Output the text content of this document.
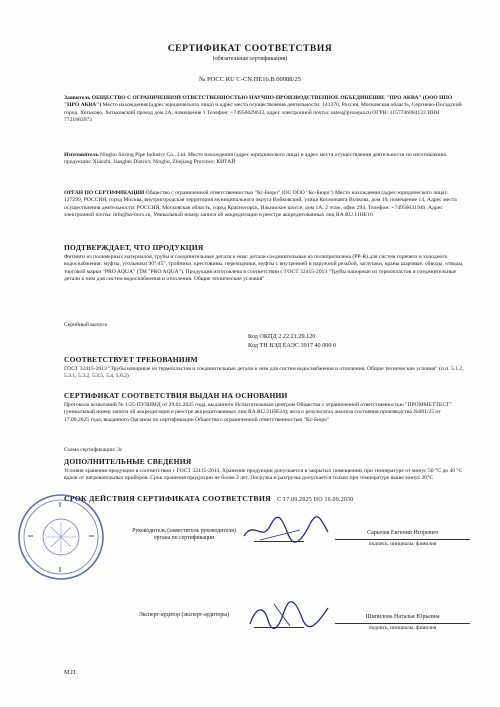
СЕРТИФИКАТ СООТВЕТСТВИЯ
(обязательная сертификация)
№ РОСС RU С-CN.НЕ16.В.00088/25
Заявитель ОБЩЕСТВО С ОГРАНИЧЕННОЙ ОТВЕТСТВЕННОСТЬЮ НАУЧНО-ПРОИЗВОДСТВЕННОЕ ОБЪЕДИНЕНИЕ "ПРО АКВА" (ООО НПО "ПРО АКВА") Место нахождения (адрес юридического лица) и адрес места осуществления деятельности: 141370, Россия, Московская область, Сергиево-Посадский город. Хотьково, Хотьковский проезд дом 2А, помещение 1 Телефон: +74956029633, адрес электронной почты: sales@proaqua.ru ОГРН: 1157746084133 ИНН 7721883973
Изготовитель Ningbo Sicong Pipe Industry Co., Ltd. Место нахождения (адрес юридического лица) и адрес места осуществления деятельности по изготовлению продукции: Xiaozhi, Jiangbei District, Ningbo, Zhejiang Province, КИТАЙ
ОРГАН ПО СЕРТИФИКАЦИИ Общество с ограниченной ответственностью "Кс-Бюро" (ОС ООО "Кс-Бюро") Место нахождения (адрес юридического лица): 127299, РОССИЯ, город Москва, внутригородская территория муниципального округа Войковский, улица Космонавта Волкова, дом 10, помещение 14, Адрес места осуществления деятельности: РОССИЯ, Московская область, город Красногорск, Ильинское шоссе, дом 1А, 2 этаж, офис 294, Телефон: +74956041946, Адрес электронной почты: info@ks-buro.ru, Уникальный номер записи об аккредитации в реестре аккредитованных лиц RA.RU.11НЕ16
ПОДТВЕРЖДАЕТ, ЧТО ПРОДУКЦИЯ
Фитинги из полимерных материалов, трубы и соединительные детали к ним: детали соединительные из полипропилена (PP-R) для систем горячего и холодного водоснабжения: муфты, угольники 90°/45°, тройники, крестовины, переходники, муфты с внутренней и наружной резьбой, заглушки, краны шаровые, обводы, отводы, торговой марки "PRO AQUA" (ТМ "PRO AQUA"). Продукция изготовлена в соответствии с ГОСТ 32415-2013 "Трубы напорные из термопластов и соединительные детали к ним для систем водоснабжения и отопления. Общие технические условия"
Серийный выпуск
Код ОКПД 2 22.21.29.120
Код ТН ВЭД ЕАЭС 3917 40 000 0
СООТВЕТСТВУЕТ ТРЕБОВАНИЯМ
ГОСТ 32415-2013 "Трубы напорные из термопластов и соединительные детали к ним для систем водоснабжения и отопления. Общие технические условия" (п.п. 5.1.2, 5.3.1, 5.3.2, 5.3.5, 5.4, 5.6.2)
СЕРТИФИКАТ СООТВЕТСТВИЯ ВЫДАН НА ОСНОВАНИИ
Протокола испытаний № 1/25-ПУЛИМД от 29.01.2025 года, выданного Испытательным центром Общества с ограниченной ответственностью "ПРОММЕТТЕСТ" (уникальный номер записи об аккредитации в реестре аккредитованных лиц RA.RU.21НЕ24); акта о результатах анализа состояния производства №001/25 от 17.09.2025 года, выданного Органом по сертификации Общества с ограниченной ответственностью "Кс-Бюро"
Схема сертификации: 3с
ДОПОЛНИТЕЛЬНЫЕ СВЕДЕНИЯ
Условия хранения продукции в соответствии с ГОСТ 32415-2013. Хранение продукции допускается в закрытых помещениях при температуре от минус 50 °С до 40 °С вдали от нагревательных приборов. Срок хранения продукции не более 2 лет. Погрузка и разгрузка допускается только при температуре выше минус 20°С
СРОК ДЕЙСТВИЯ СЕРТИФИКАТА СООТВЕТСТВИЯ С 17.09.2025 ПО 16.09.2030
Руководитель (заместитель руководителя) органа по сертификации
Сарычев Евгений Игоревич
подпись, инициалы, фамилия
Эксперт-аудитор (эксперт-аудиторы)	Шипилова Наталья Юрьевна
подпись, инициалы, фамилия
М.П.
